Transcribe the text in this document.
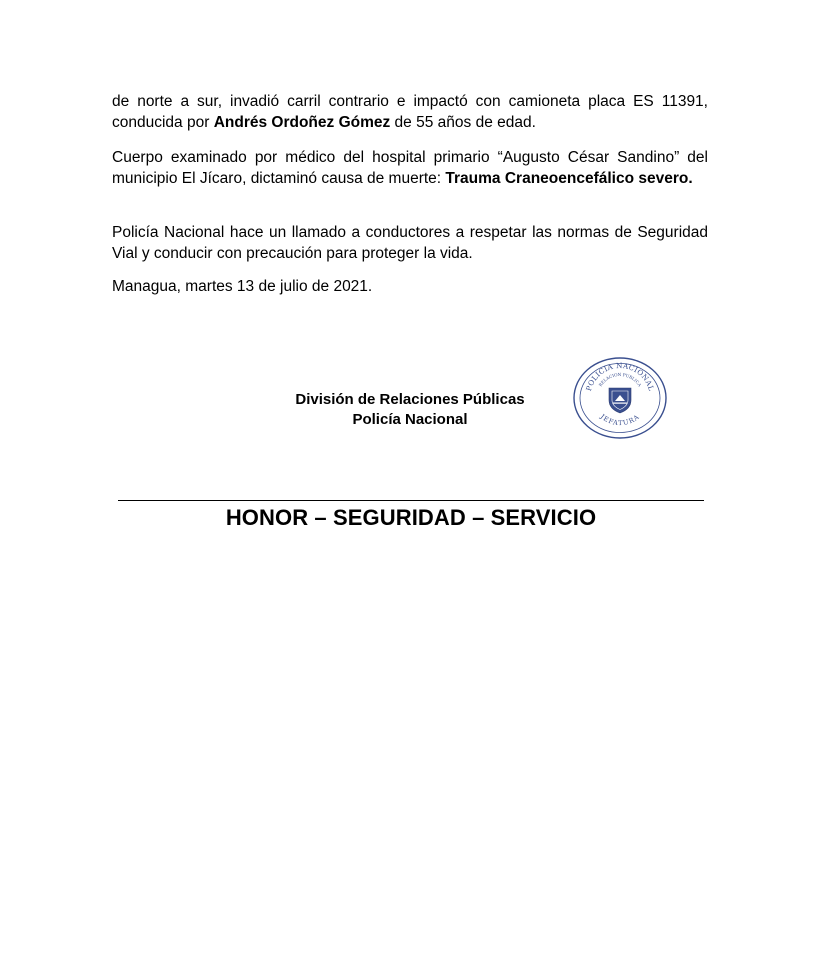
de norte a sur, invadió carril contrario e impactó con camioneta placa ES 11391, conducida por Andrés Ordoñez Gómez de 55 años de edad.

Cuerpo examinado por médico del hospital primario “Augusto César Sandino” del municipio El Jícaro, dictaminó causa de muerte: Trauma Craneoencefálico severo.

Policía Nacional hace un llamado a conductores a respetar las normas de Seguridad Vial y conducir con precaución para proteger la vida.

Managua, martes 13 de julio de 2021.

División de Relaciones Públicas
Policía Nacional
POLICIA NACIONAL
RELACION PUBLICA
JEFATURA
HONOR – SEGURIDAD – SERVICIO
